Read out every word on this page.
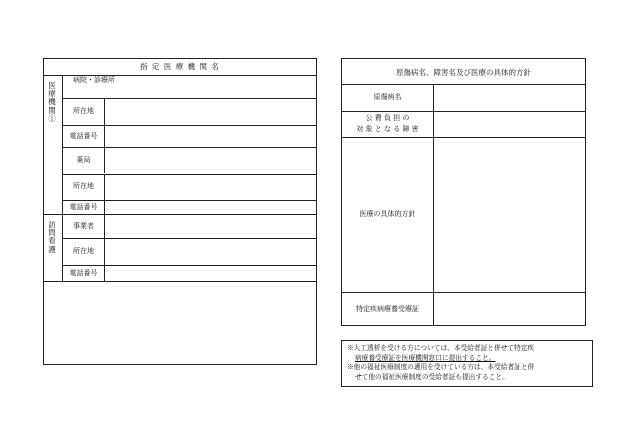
指 定 医 療 機 関 名
医療機関①
訪問看護
病院・診療所
所在地
電話番号
薬局
所在地
電話番号
事業者
所在地
電話番号
原傷病名、障害名及び医療の具体的方針
原傷病名
公 費 負 担 の
対 象 と な る 障 害
医療の具体的方針
特定疾病療養受療証

※人工透析を受ける方については、本受給者証と併せて特定疾

病療養受療証を医療機関窓口に提出すること。

※他の福祉医療制度の適用を受けている方は、本受給者証と併

せて他の福祉医療制度の受給者証も提出すること。
